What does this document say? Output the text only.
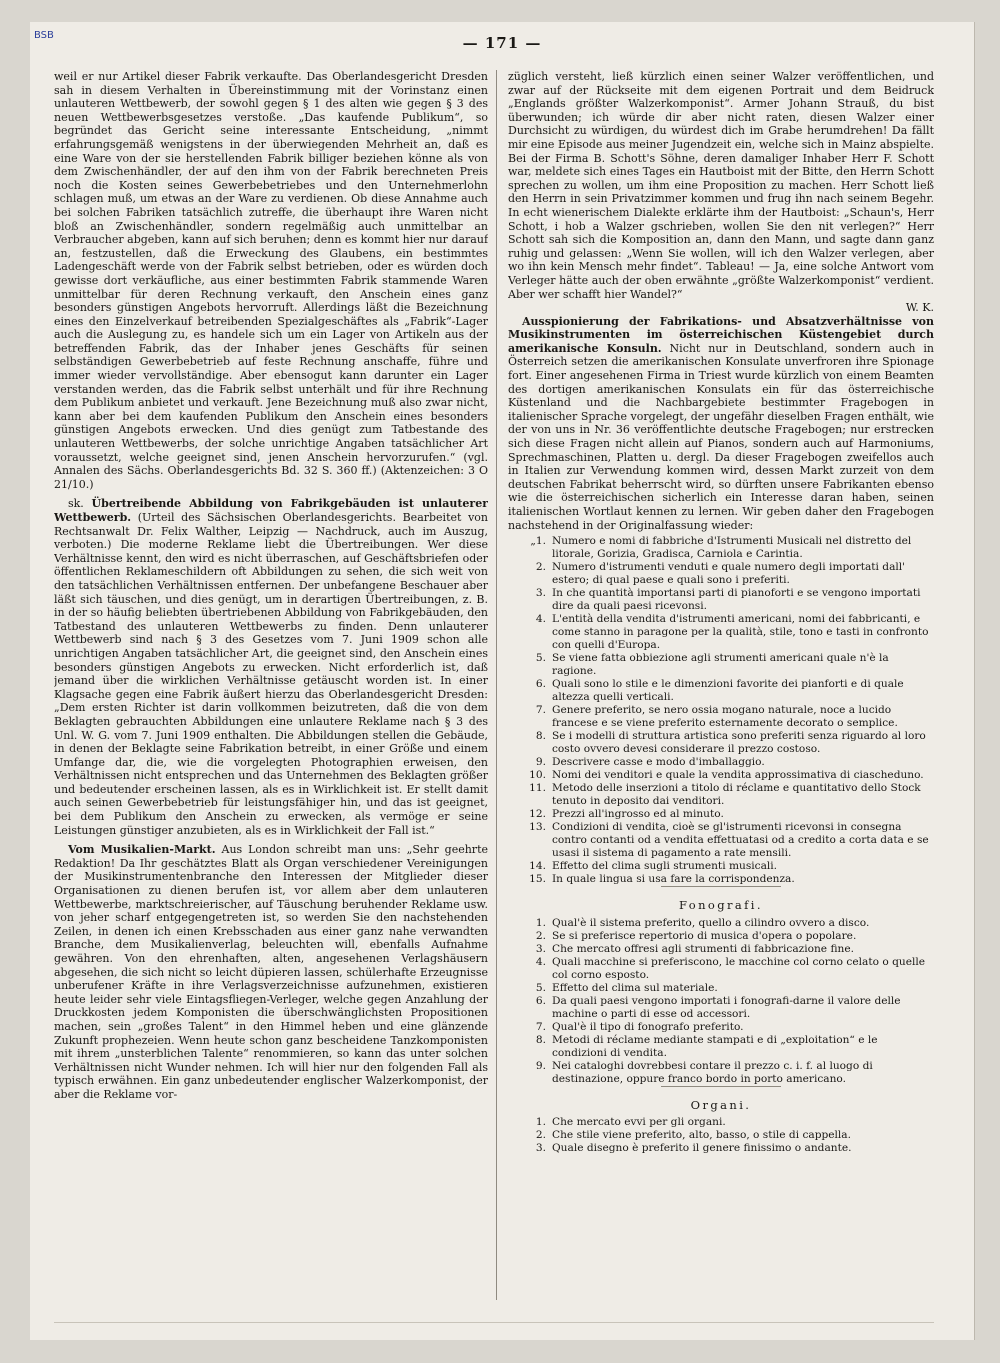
BSB	— 171 —

weil er nur Artikel dieser Fabrik verkaufte. Das Oberlandesgericht Dresden sah in diesem Verhalten in Übereinstimmung mit der Vorinstanz einen unlauteren Wettbewerb, der sowohl gegen § 1 des alten wie gegen § 3 des neuen Wettbewerbsgesetzes verstoße. „Das kaufende Publikum“, so begründet das Gericht seine interessante Entscheidung, „nimmt erfahrungsgemäß wenigstens in der überwiegenden Mehrheit an, daß es eine Ware von der sie herstellenden Fabrik billiger beziehen könne als von dem Zwischenhändler, der auf den ihm von der Fabrik berechneten Preis noch die Kosten seines Gewerbebetriebes und den Unternehmerlohn schlagen muß, um etwas an der Ware zu verdienen. Ob diese Annahme auch bei solchen Fabriken tatsächlich zutreffe, die überhaupt ihre Waren nicht bloß an Zwischenhändler, sondern regelmäßig auch unmittelbar an Verbraucher abgeben, kann auf sich beruhen; denn es kommt hier nur darauf an, festzustellen, daß die Erweckung des Glaubens, ein bestimmtes Ladengeschäft werde von der Fabrik selbst betrieben, oder es würden doch gewisse dort verkäufliche, aus einer bestimmten Fabrik stammende Waren unmittelbar für deren Rechnung verkauft, den Anschein eines ganz besonders günstigen Angebots hervorruft. Allerdings läßt die Bezeichnung eines den Einzelverkauf betreibenden Spezialgeschäftes als „Fabrik“-Lager auch die Auslegung zu, es handele sich um ein Lager von Artikeln aus der betreffenden Fabrik, das der Inhaber jenes Geschäfts für seinen selbständigen Gewerbebetrieb auf feste Rechnung anschaffe, führe und immer wieder vervollständige. Aber ebensogut kann darunter ein Lager verstanden werden, das die Fabrik selbst unterhält und für ihre Rechnung dem Publikum anbietet und verkauft. Jene Bezeichnung muß also zwar nicht, kann aber bei dem kaufenden Publikum den Anschein eines besonders günstigen Angebots erwecken. Und dies genügt zum Tatbestande des unlauteren Wettbewerbs, der solche unrichtige Angaben tatsächlicher Art voraussetzt, welche geeignet sind, jenen Anschein hervorzurufen.“ (vgl. Annalen des Sächs. Oberlandesgerichts Bd. 32 S. 360 ff.) (Aktenzeichen: 3 O 21/10.)

sk. Übertreibende Abbildung von Fabrikgebäuden ist unlauterer Wettbewerb. (Urteil des Sächsischen Oberlandesgerichts. Bearbeitet von Rechtsanwalt Dr. Felix Walther, Leipzig — Nachdruck, auch im Auszug, verboten.) Die moderne Reklame liebt die Übertreibungen. Wer diese Verhältnisse kennt, den wird es nicht überraschen, auf Geschäftsbriefen oder öffentlichen Reklameschildern oft Abbildungen zu sehen, die sich weit von den tatsächlichen Verhältnissen entfernen. Der unbefangene Beschauer aber läßt sich täuschen, und dies genügt, um in derartigen Übertreibungen, z. B. in der so häufig beliebten übertriebenen Abbildung von Fabrikgebäuden, den Tatbestand des unlauteren Wettbewerbs zu finden. Denn unlauterer Wettbewerb sind nach § 3 des Gesetzes vom 7. Juni 1909 schon alle unrichtigen Angaben tatsächlicher Art, die geeignet sind, den Anschein eines besonders günstigen Angebots zu erwecken. Nicht erforderlich ist, daß jemand über die wirklichen Verhältnisse getäuscht worden ist. In einer Klagsache gegen eine Fabrik äußert hierzu das Oberlandesgericht Dresden: „Dem ersten Richter ist darin vollkommen beizutreten, daß die von dem Beklagten gebrauchten Abbildungen eine unlautere Reklame nach § 3 des Unl. W. G. vom 7. Juni 1909 enthalten. Die Abbildungen stellen die Gebäude, in denen der Beklagte seine Fabrikation betreibt, in einer Größe und einem Umfange dar, die, wie die vorgelegten Photographien erweisen, den Verhältnissen nicht entsprechen und das Unternehmen des Beklagten größer und bedeutender erscheinen lassen, als es in Wirklichkeit ist. Er stellt damit auch seinen Gewerbebetrieb für leistungsfähiger hin, und das ist geeignet, bei dem Publikum den Anschein zu erwecken, als vermöge er seine Leistungen günstiger anzubieten, als es in Wirklichkeit der Fall ist.“

Vom Musikalien-Markt. Aus London schreibt man uns: „Sehr geehrte Redaktion! Da Ihr geschätztes Blatt als Organ verschiedener Vereinigungen der Musikinstrumentenbranche den Interessen der Mitglieder dieser Organisationen zu dienen berufen ist, vor allem aber dem unlauteren Wettbewerbe, marktschreierischer, auf Täuschung beruhender Reklame usw. von jeher scharf entgegengetreten ist, so werden Sie den nachstehenden Zeilen, in denen ich einen Krebsschaden aus einer ganz nahe verwandten Branche, dem Musikalienverlag, beleuchten will, ebenfalls Aufnahme gewähren. Von den ehrenhaften, alten, angesehenen Verlagshäusern abgesehen, die sich nicht so leicht düpieren lassen, schülerhafte Erzeugnisse unberufener Kräfte in ihre Verlagsverzeichnisse aufzunehmen, existieren heute leider sehr viele Eintagsfliegen-Verleger, welche gegen Anzahlung der Druckkosten jedem Komponisten die überschwänglichsten Propositionen machen, sein „großes Talent“ in den Himmel heben und eine glänzende Zukunft prophezeien. Wenn heute schon ganz bescheidene Tanzkomponisten mit ihrem „unsterblichen Talente“ renommieren, so kann das unter solchen Verhältnissen nicht Wunder nehmen. Ich will hier nur den folgenden Fall als typisch erwähnen. Ein ganz unbedeutender englischer Walzerkomponist, der aber die Reklame vor-

züglich versteht, ließ kürzlich einen seiner Walzer veröffentlichen, und zwar auf der Rückseite mit dem eigenen Portrait und dem Beidruck „Englands größter Walzerkomponist“. Armer Johann Strauß, du bist überwunden; ich würde dir aber nicht raten, diesen Walzer einer Durchsicht zu würdigen, du würdest dich im Grabe herumdrehen! Da fällt mir eine Episode aus meiner Jugendzeit ein, welche sich in Mainz abspielte. Bei der Firma B. Schott's Söhne, deren damaliger Inhaber Herr F. Schott war, meldete sich eines Tages ein Hautboist mit der Bitte, den Herrn Schott sprechen zu wollen, um ihm eine Proposition zu machen. Herr Schott ließ den Herrn in sein Privatzimmer kommen und frug ihn nach seinem Begehr. In echt wienerischem Dialekte erklärte ihm der Hautboist: „Schaun's, Herr Schott, i hob a Walzer gschrieben, wollen Sie den nit verlegen?“ Herr Schott sah sich die Komposition an, dann den Mann, und sagte dann ganz ruhig und gelassen: „Wenn Sie wollen, will ich den Walzer verlegen, aber wo ihn kein Mensch mehr findet“. Tableau! — Ja, eine solche Antwort vom Verleger hätte auch der oben erwähnte „größte Walzerkomponist“ verdient. Aber wer schafft hier Wandel?“

W. K.

Ausspionierung der Fabrikations- und Absatzverhältnisse von Musikinstrumenten im österreichischen Küstengebiet durch amerikanische Konsuln. Nicht nur in Deutschland, sondern auch in Österreich setzen die amerikanischen Konsulate unverfroren ihre Spionage fort. Einer angesehenen Firma in Triest wurde kürzlich von einem Beamten des dortigen amerikanischen Konsulats ein für das österreichische Küstenland und die Nachbargebiete bestimmter Fragebogen in italienischer Sprache vorgelegt, der ungefähr dieselben Fragen enthält, wie der von uns in Nr. 36 veröffentlichte deutsche Fragebogen; nur erstrecken sich diese Fragen nicht allein auf Pianos, sondern auch auf Harmoniums, Sprechmaschinen, Platten u. dergl. Da dieser Fragebogen zweifellos auch in Italien zur Verwendung kommen wird, dessen Markt zurzeit von dem deutschen Fabrikat beherrscht wird, so dürften unsere Fabrikanten ebenso wie die österreichischen sicherlich ein Interesse daran haben, seinen italienischen Wortlaut kennen zu lernen. Wir geben daher den Fragebogen nachstehend in der Originalfassung wieder:

„1. Numero e nomi di fabbriche d'Istrumenti Musicali nel distretto del litorale, Gorizia, Gradisca, Carniola e Carintia.
2. Numero d'istrumenti venduti e quale numero degli importati dall' estero; di qual paese e quali sono i preferiti.
3. In che quantità importansi parti di pianoforti e se vengono importati dire da quali paesi ricevonsi.
4. L'entità della vendita d'istrumenti americani, nomi dei fabbricanti, e come stanno in paragone per la qualità, stile, tono e tasti in confronto con quelli d'Europa.
5. Se viene fatta obbiezione agli strumenti americani quale n'è la ragione.
6. Quali sono lo stile e le dimenzioni favorite dei pianforti e di quale altezza quelli verticali.
7. Genere preferito, se nero ossia mogano naturale, noce a lucido francese e se viene preferito esternamente decorato o semplice.
8. Se i modelli di struttura artistica sono preferiti senza riguardo al loro costo ovvero devesi considerare il prezzo costoso.
9. Descrivere casse e modo d'imballaggio.
10. Nomi dei venditori e quale la vendita approssimativa di ciascheduno.
11. Metodo delle inserzioni a titolo di réclame e quantitativo dello Stock tenuto in deposito dai venditori.
12. Prezzi all'ingrosso ed al minuto.
13. Condizioni di vendita, cioè se gl'istrumenti ricevonsi in consegna contro contanti od a vendita effettuatasi od a credito a corta data e se usasi il sistema di pagamento a rate mensili.
14. Effetto del clima sugli strumenti musicali.
15. In quale lingua si usa fare la corrispondenza.

Fonografi.

1. Qual'è il sistema preferito, quello a cilindro ovvero a disco.
2. Se si preferisce repertorio di musica d'opera o popolare.
3. Che mercato offresi agli strumenti di fabbricazione fine.
4. Quali macchine si preferiscono, le macchine col corno celato o quelle col corno esposto.
5. Effetto del clima sul materiale.
6. Da quali paesi vengono importati i fonografi-darne il valore delle machine o parti di esse od accessori.
7. Qual'è il tipo di fonografo preferito.
8. Metodi di réclame mediante stampati e di „exploitation“ e le condizioni di vendita.
9. Nei cataloghi dovrebbesi contare il prezzo c. i. f. al luogo di destinazione, oppure franco bordo in porto americano.

Organi.

1. Che mercato evvi per gli organi.
2. Che stile viene preferito, alto, basso, o stile di cappella.
3. Quale disegno è preferito il genere finissimo o andante.
